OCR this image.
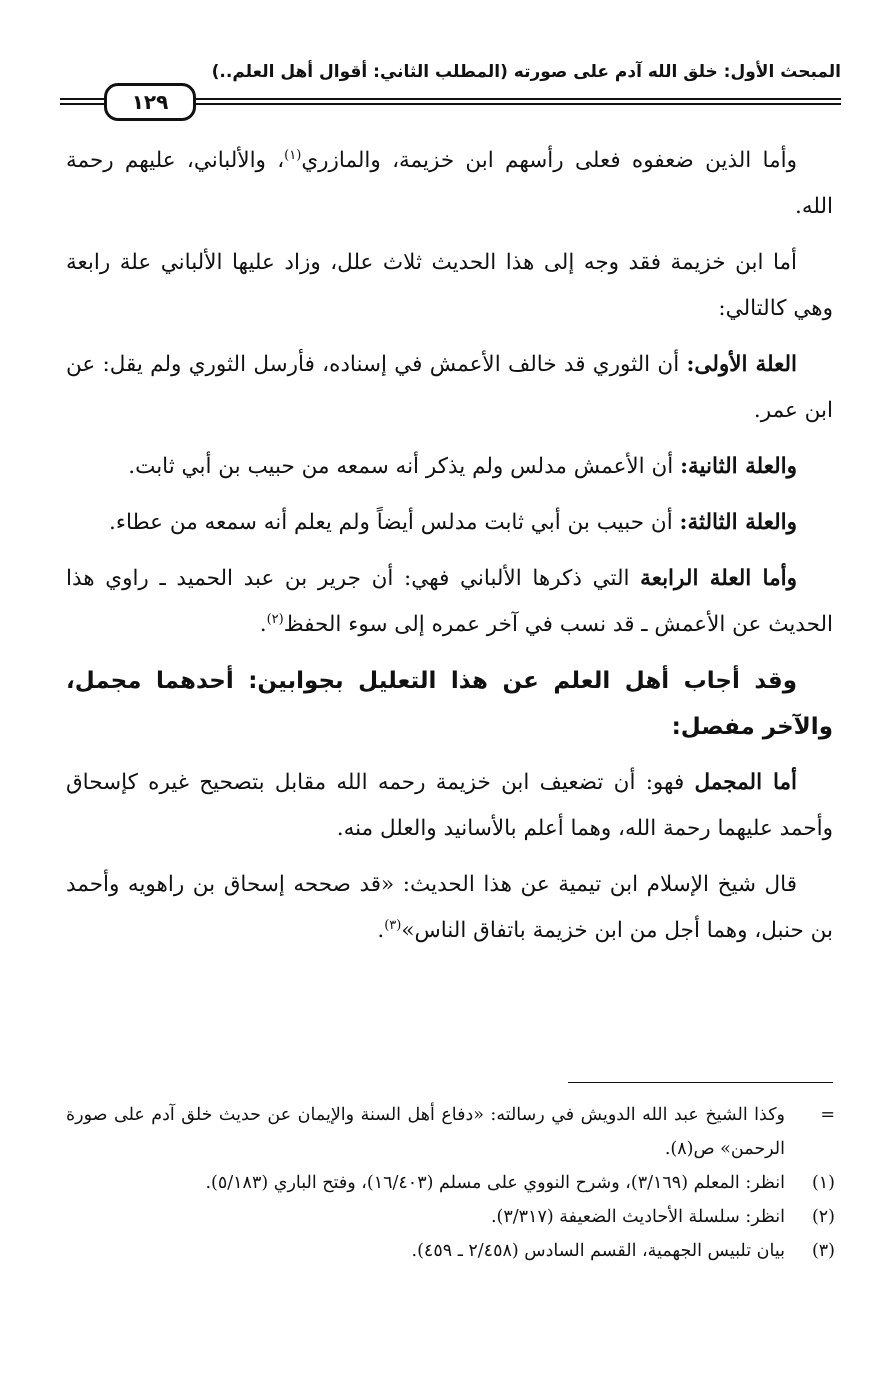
المبحث الأول: خلق الله آدم على صورته (المطلب الثاني: أقوال أهل العلم..)
١٢٩

وأما الذين ضعفوه فعلى رأسهم ابن خزيمة، والمازري$^{(١)}$، والألباني، عليهم رحمة الله.

أما ابن خزيمة فقد وجه إلى هذا الحديث ثلاث علل، وزاد عليها الألباني علة رابعة وهي كالتالي:

العلة الأولى: أن الثوري قد خالف الأعمش في إسناده، فأرسل الثوري ولم يقل: عن ابن عمر.

والعلة الثانية: أن الأعمش مدلس ولم يذكر أنه سمعه من حبيب بن أبي ثابت.

والعلة الثالثة: أن حبيب بن أبي ثابت مدلس أيضاً ولم يعلم أنه سمعه من عطاء.

وأما العلة الرابعة التي ذكرها الألباني فهي: أن جرير بن عبد الحميد ـ راوي هذا الحديث عن الأعمش ـ قد نسب في آخر عمره إلى سوء الحفظ$^{(٢)}$.

وقد أجاب أهل العلم عن هذا التعليل بجوابين: أحدهما مجمل، والآخر مفصل:

أما المجمل فهو: أن تضعيف ابن خزيمة رحمه الله مقابل بتصحيح غيره كإسحاق وأحمد عليهما رحمة الله، وهما أعلم بالأسانيد والعلل منه.

قال شيخ الإسلام ابن تيمية عن هذا الحديث: «قد صححه إسحاق بن راهويه وأحمد بن حنبل، وهما أجل من ابن خزيمة باتفاق الناس»$^{(٣)}$.

=
وكذا الشيخ عبد الله الدويش في رسالته: «دفاع أهل السنة والإيمان عن حديث خلق آدم على صورة الرحمن» ص(٨).

(١)
انظر: المعلم (٣/١٦٩)، وشرح النووي على مسلم (١٦/٤٠٣)، وفتح الباري (٥/١٨٣).

(٢)
انظر: سلسلة الأحاديث الضعيفة (٣/٣١٧).

(٣)
بيان تلبيس الجهمية، القسم السادس (٢/٤٥٨ ـ ٤٥٩).
